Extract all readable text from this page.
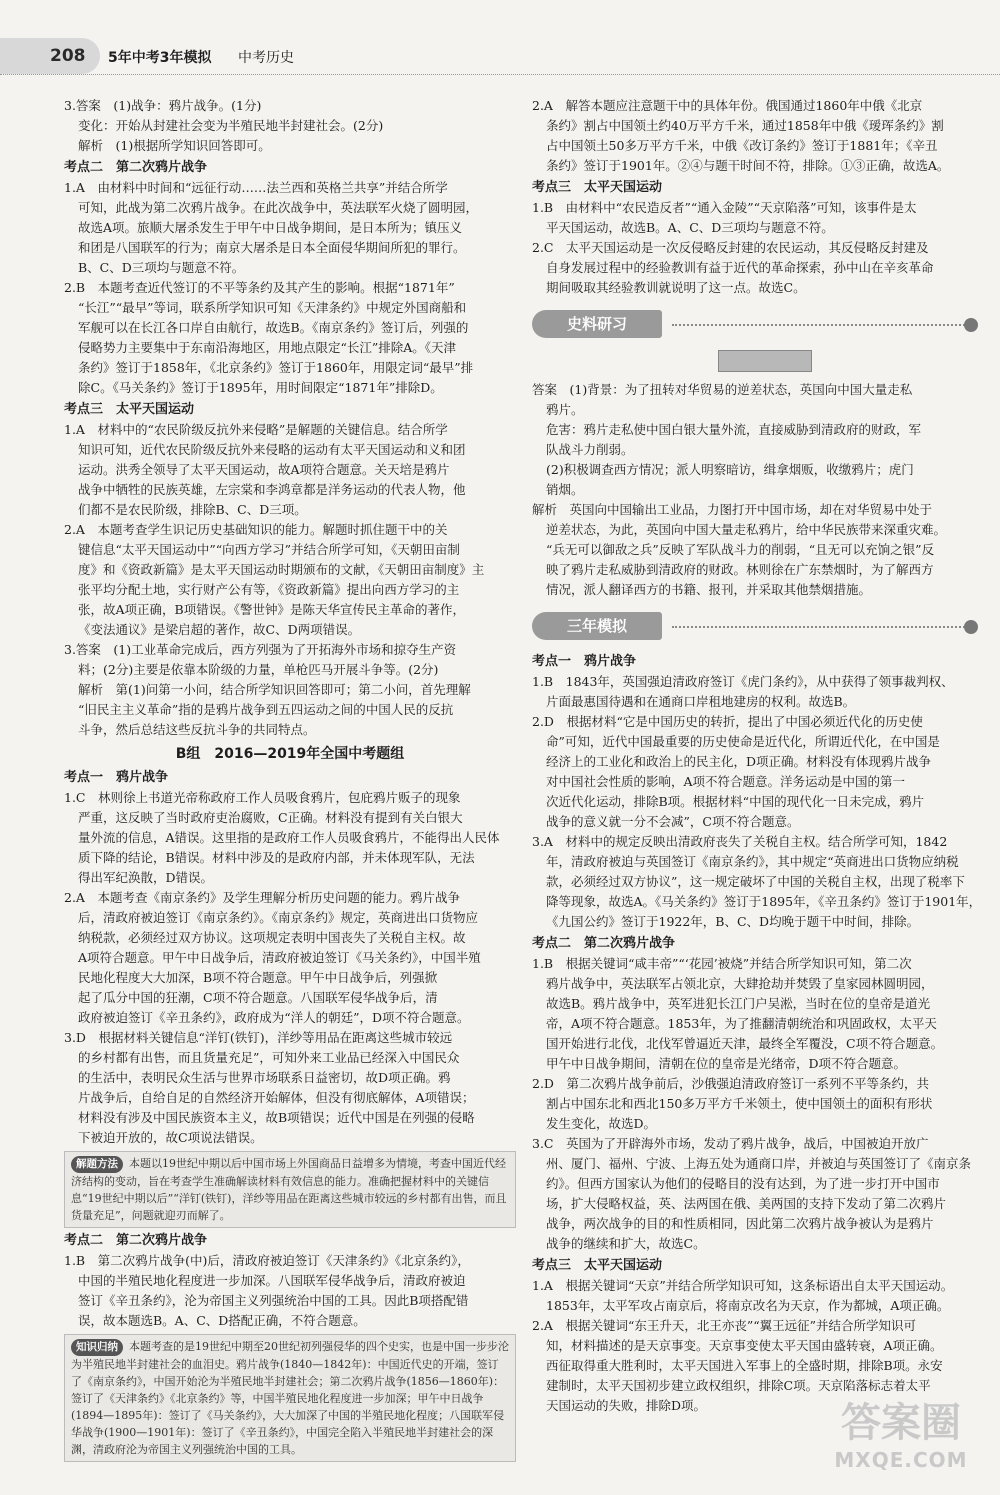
208 5年中考3年模拟 中考历史
3.答案　(1)战争：鸦片战争。(1分)
变化：开始从封建社会变为半殖民地半封建社会。(2分)
解析　(1)根据所学知识回答即可。
考点二　第二次鸦片战争
1.A　由材料中时间和“远征行动……法兰西和英格兰共享”并结合所学
可知，此战为第二次鸦片战争。在此次战争中，英法联军火烧了圆明园，
故选A项。旅顺大屠杀发生于甲午中日战争期间，是日本所为；镇压义
和团是八国联军的行为；南京大屠杀是日本全面侵华期间所犯的罪行。
B、C、D三项均与题意不符。
2.B　本题考查近代签订的不平等条约及其产生的影响。根据“1871年”
“长江”“最早”等词，联系所学知识可知《天津条约》中规定外国商船和
军舰可以在长江各口岸自由航行，故选B。《南京条约》签订后，列强的
侵略势力主要集中于东南沿海地区，用地点限定“长江”排除A。《天津
条约》签订于1858年，《北京条约》签订于1860年，用限定词“最早”排
除C。《马关条约》签订于1895年，用时间限定“1871年”排除D。
考点三　太平天国运动
1.A　材料中的“农民阶级反抗外来侵略”是解题的关键信息。结合所学
知识可知，近代农民阶级反抗外来侵略的运动有太平天国运动和义和团
运动。洪秀全领导了太平天国运动，故A项符合题意。关天培是鸦片
战争中牺牲的民族英雄，左宗棠和李鸿章都是洋务运动的代表人物，他
们都不是农民阶级，排除B、C、D三项。
2.A　本题考查学生识记历史基础知识的能力。解题时抓住题干中的关
键信息“太平天国运动中”“向西方学习”并结合所学可知，《天朝田亩制
度》和《资政新篇》是太平天国运动时期颁布的文献，《天朝田亩制度》主
张平均分配土地，实行财产公有等，《资政新篇》提出向西方学习的主
张，故A项正确，B项错误。《警世钟》是陈天华宣传民主革命的著作，
《变法通议》是梁启超的著作，故C、D两项错误。
3.答案　(1)工业革命完成后，西方列强为了开拓海外市场和掠夺生产资
料；(2分)主要是依靠本阶级的力量，单枪匹马开展斗争等。(2分)
解析　第(1)问第一小问，结合所学知识回答即可；第二小问，首先理解
“旧民主主义革命”指的是鸦片战争到五四运动之间的中国人民的反抗
斗争，然后总结这些反抗斗争的共同特点。
B组　2016—2019年全国中考题组
考点一　鸦片战争
1.C　林则徐上书道光帝称政府工作人员吸食鸦片，包庇鸦片贩子的现象
严重，这反映了当时政府吏治腐败，C正确。材料没有提到有关白银大
量外流的信息，A错误。这里指的是政府工作人员吸食鸦片，不能得出人民体
质下降的结论，B错误。材料中涉及的是政府内部，并未体现军队，无法
得出军纪涣散，D错误。
2.A　本题考查《南京条约》及学生理解分析历史问题的能力。鸦片战争
后，清政府被迫签订《南京条约》。《南京条约》规定，英商进出口货物应
纳税款，必须经过双方协议。这项规定表明中国丧失了关税自主权。故
A项符合题意。甲午中日战争后，清政府被迫签订《马关条约》，中国半殖
民地化程度大大加深，B项不符合题意。甲午中日战争后，列强掀
起了瓜分中国的狂潮，C项不符合题意。八国联军侵华战争后，清
政府被迫签订《辛丑条约》，政府成为“洋人的朝廷”，D项不符合题意。
3.D　根据材料关键信息“洋钉(铁钉)，洋纱等用品在距离这些城市较远
的乡村都有出售，而且货量充足”，可知外来工业品已经深入中国民众
的生活中，表明民众生活与世界市场联系日益密切，故D项正确。鸦
片战争后，自给自足的自然经济开始解体，但没有彻底解体，A项错误；
材料没有涉及中国民族资本主义，故B项错误；近代中国是在列强的侵略
下被迫开放的，故C项说法错误。
解题方法 本题以19世纪中期以后中国市场上外国商品日益增多为情境，考查中国近代经济结构的变动，旨在考查学生准确解读材料有效信息的能力。准确把握材料中的关键信息“19世纪中期以后”“洋钉(铁钉)，洋纱等用品在距离这些城市较远的乡村都有出售，而且货量充足”，问题就迎刃而解了。
考点二　第二次鸦片战争
1.B　第二次鸦片战争(中)后，清政府被迫签订《天津条约》《北京条约》，
中国的半殖民地化程度进一步加深。八国联军侵华战争后，清政府被迫
签订《辛丑条约》，沦为帝国主义列强统治中国的工具。因此B项搭配错
误，故本题选B。A、C、D搭配正确，不符合题意。
知识归纳 本题考查的是19世纪中期至20世纪初列强侵华的四个史实，也是中国一步步沦为半殖民地半封建社会的血泪史。鸦片战争(1840—1842年)：中国近代史的开端，签订了《南京条约》，中国开始沦为半殖民地半封建社会；第二次鸦片战争(1856—1860年)：签订了《天津条约》《北京条约》等，中国半殖民地化程度进一步加深；甲午中日战争(1894—1895年)：签订了《马关条约》，大大加深了中国的半殖民地化程度；八国联军侵华战争(1900—1901年)：签订了《辛丑条约》，中国完全陷入半殖民地半封建社会的深渊，清政府沦为帝国主义列强统治中国的工具。
2.A　解答本题应注意题干中的具体年份。俄国通过1860年中俄《北京
条约》割占中国领土约40万平方千米，通过1858年中俄《瑷珲条约》割
占中国领土50多万平方千米，中俄《改订条约》签订于1881年；《辛丑
条约》签订于1901年。②④与题干时间不符，排除。①③正确，故选A。
考点三　太平天国运动
1.B　由材料中“农民造反者”“通入金陵”“天京陷落”可知，该事件是太
平天国运动，故选B。A、C、D三项均与题意不符。
2.C　太平天国运动是一次反侵略反封建的农民运动，其反侵略反封建及
自身发展过程中的经验教训有益于近代的革命探索，孙中山在辛亥革命
期间吸取其经验教训就说明了这一点。故选C。
史料研习
答案　(1)背景：为了扭转对华贸易的逆差状态，英国向中国大量走私
鸦片。
危害：鸦片走私使中国白银大量外流，直接威胁到清政府的财政，军
队战斗力削弱。
(2)积极调查西方情况；派人明察暗访，缉拿烟贩，收缴鸦片；虎门
销烟。
解析　英国向中国输出工业品，力图打开中国市场，却在对华贸易中处于
逆差状态，为此，英国向中国大量走私鸦片，给中华民族带来深重灾难。
“兵无可以御敌之兵”反映了军队战斗力的削弱，“且无可以充饷之银”反
映了鸦片走私威胁到清政府的财政。林则徐在广东禁烟时，为了解西方
情况，派人翻译西方的书籍、报刊，并采取其他禁烟措施。
三年模拟
考点一　鸦片战争
1.B　1843年，英国强迫清政府签订《虎门条约》，从中获得了领事裁判权、
片面最惠国待遇和在通商口岸租地建房的权利。故选B。
2.D　根据材料“它是中国历史的转折，提出了中国必须近代化的历史使
命”可知，近代中国最重要的历史使命是近代化，所谓近代化，在中国是
经济上的工业化和政治上的民主化，D项正确。材料没有体现鸦片战争
对中国社会性质的影响，A项不符合题意。洋务运动是中国的第一
次近代化运动，排除B项。根据材料“中国的现代化一日未完成，鸦片
战争的意义就一分不会减”，C项不符合题意。
3.A　材料中的规定反映出清政府丧失了关税自主权。结合所学可知，1842
年，清政府被迫与英国签订《南京条约》，其中规定“英商进出口货物应纳税
款，必须经过双方协议”，这一规定破坏了中国的关税自主权，出现了税率下
降等现象，故选A。《马关条约》签订于1895年，《辛丑条约》签订于1901年，
《九国公约》签订于1922年，B、C、D均晚于题干中时间，排除。
考点二　第二次鸦片战争
1.B　根据关键词“咸丰帝”“‘花园’被烧”并结合所学知识可知，第二次
鸦片战争中，英法联军占领北京，大肆抢劫并焚毁了皇家园林圆明园，
故选B。鸦片战争中，英军进犯长江门户吴淞，当时在位的皇帝是道光
帝，A项不符合题意。1853年，为了推翻清朝统治和巩固政权，太平天
国开始进行北伐，北伐军曾逼近天津，最终全军覆没，C项不符合题意。
甲午中日战争期间，清朝在位的皇帝是光绪帝，D项不符合题意。
2.D　第二次鸦片战争前后，沙俄强迫清政府签订一系列不平等条约，共
割占中国东北和西北150多万平方千米领土，使中国领土的面积有形状
发生变化，故选D。
3.C　英国为了开辟海外市场，发动了鸦片战争，战后，中国被迫开放广
州、厦门、福州、宁波、上海五处为通商口岸，并被迫与英国签订了《南京条
约》。但西方国家认为他们的侵略目的没有达到，为了进一步打开中国市
场，扩大侵略权益，英、法两国在俄、美两国的支持下发动了第二次鸦片
战争，两次战争的目的和性质相同，因此第二次鸦片战争被认为是鸦片
战争的继续和扩大，故选C。
考点三　太平天国运动
1.A　根据关键词“天京”并结合所学知识可知，这条标语出自太平天国运动。
1853年，太平军攻占南京后，将南京改名为天京，作为都城，A项正确。
2.A　根据关键词“东王升天，北王亦丧”“翼王远征”并结合所学知识可
知，材料描述的是天京事变。天京事变使太平天国由盛转衰，A项正确。
西征取得重大胜利时，太平天国进入军事上的全盛时期，排除B项。永安
建制时，太平天国初步建立政权组织，排除C项。天京陷落标志着太平
天国运动的失败，排除D项。	答案圈
MXQE.COM
